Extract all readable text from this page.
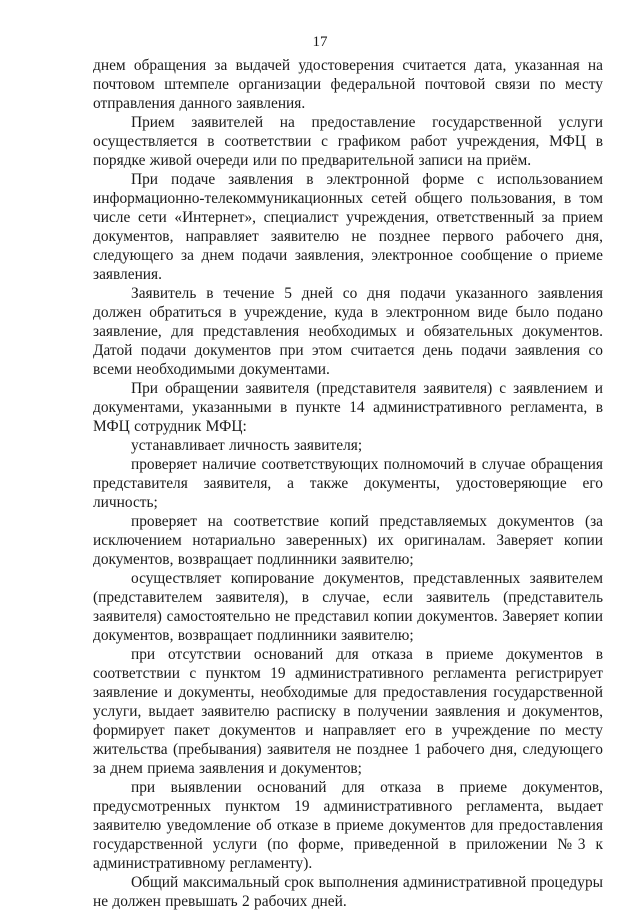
17

днем обращения за выдачей удостоверения считается дата, указанная на почтовом штемпеле организации федеральной почтовой связи по месту отправления данного заявления.

Прием заявителей на предоставление государственной услуги осуществляется в соответствии с графиком работ учреждения, МФЦ в порядке живой очереди или по предварительной записи на приём.

При подаче заявления в электронной форме с использованием информационно-телекоммуникационных сетей общего пользования, в том числе сети «Интернет», специалист учреждения, ответственный за прием документов, направляет заявителю не позднее первого рабочего дня, следующего за днем подачи заявления, электронное сообщение о приеме заявления.

Заявитель в течение 5 дней со дня подачи указанного заявления должен обратиться в учреждение, куда в электронном виде было подано заявление, для представления необходимых и обязательных документов. Датой подачи документов при этом считается день подачи заявления со всеми необходимыми документами.

При обращении заявителя (представителя заявителя) с заявлением и документами, указанными в пункте 14 административного регламента, в МФЦ сотрудник МФЦ:

устанавливает личность заявителя;

проверяет наличие соответствующих полномочий в случае обращения представителя заявителя, а также документы, удостоверяющие его личность;

проверяет на соответствие копий представляемых документов (за исключением нотариально заверенных) их оригиналам. Заверяет копии документов, возвращает подлинники заявителю;

осуществляет копирование документов, представленных заявителем (представителем заявителя), в случае, если заявитель (представитель заявителя) самостоятельно не представил копии документов. Заверяет копии документов, возвращает подлинники заявителю;

при отсутствии оснований для отказа в приеме документов в соответствии с пунктом 19 административного регламента регистрирует заявление и документы, необходимые для предоставления государственной услуги, выдает заявителю расписку в получении заявления и документов, формирует пакет документов и направляет его в учреждение по месту жительства (пребывания) заявителя не позднее 1 рабочего дня, следующего за днем приема заявления и документов;

при выявлении оснований для отказа в приеме документов, предусмотренных пунктом 19 административного регламента, выдает заявителю уведомление об отказе в приеме документов для предоставления государственной услуги (по форме, приведенной в приложении №3 к административному регламенту).

Общий максимальный срок выполнения административной процедуры не должен превышать 2 рабочих дней.
